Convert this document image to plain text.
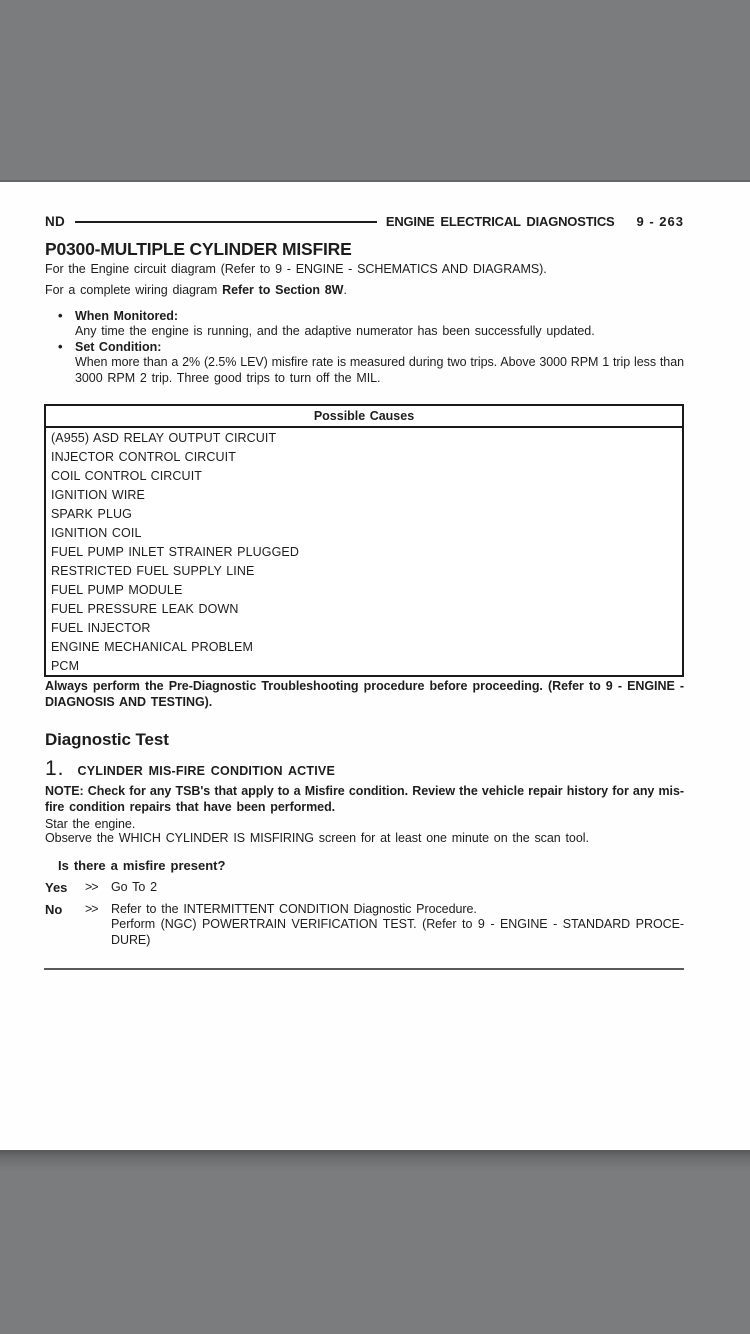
ND	ENGINE ELECTRICAL DIAGNOSTICS 9 - 263
P0300-MULTIPLE CYLINDER MISFIRE

For the Engine circuit diagram (Refer to 9 - ENGINE - SCHEMATICS AND DIAGRAMS).

For a complete wiring diagram Refer to Section 8W.

• When Monitored:
Any time the engine is running, and the adaptive numerator has been successfully updated.
• Set Condition:
When more than a 2% (2.5% LEV) misfire rate is measured during two trips. Above 3000 RPM 1 trip less than
3000 RPM 2 trip. Three good trips to turn off the MIL.
Possible Causes
(A955) ASD RELAY OUTPUT CIRCUIT
INJECTOR CONTROL CIRCUIT
COIL CONTROL CIRCUIT
IGNITION WIRE
SPARK PLUG
IGNITION COIL
FUEL PUMP INLET STRAINER PLUGGED
RESTRICTED FUEL SUPPLY LINE
FUEL PUMP MODULE
FUEL PRESSURE LEAK DOWN
FUEL INJECTOR
ENGINE MECHANICAL PROBLEM
PCM
Always perform the Pre-Diagnostic Troubleshooting procedure before proceeding. (Refer to 9 - ENGINE -
DIAGNOSIS AND TESTING).
Diagnostic Test
1. CYLINDER MIS-FIRE CONDITION ACTIVE
NOTE: Check for any TSB's that apply to a Misfire condition. Review the vehicle repair history for any mis-
fire condition repairs that have been performed.

Star the engine.

Observe the WHICH CYLINDER IS MISFIRING screen for at least one minute on the scan tool.

Is there a misfire present?
Yes	>>	Go To 2
No	>>	Refer to the INTERMITTENT CONDITION Diagnostic Procedure.
Perform (NGC) POWERTRAIN VERIFICATION TEST. (Refer to 9 - ENGINE - STANDARD PROCE-
DURE)
